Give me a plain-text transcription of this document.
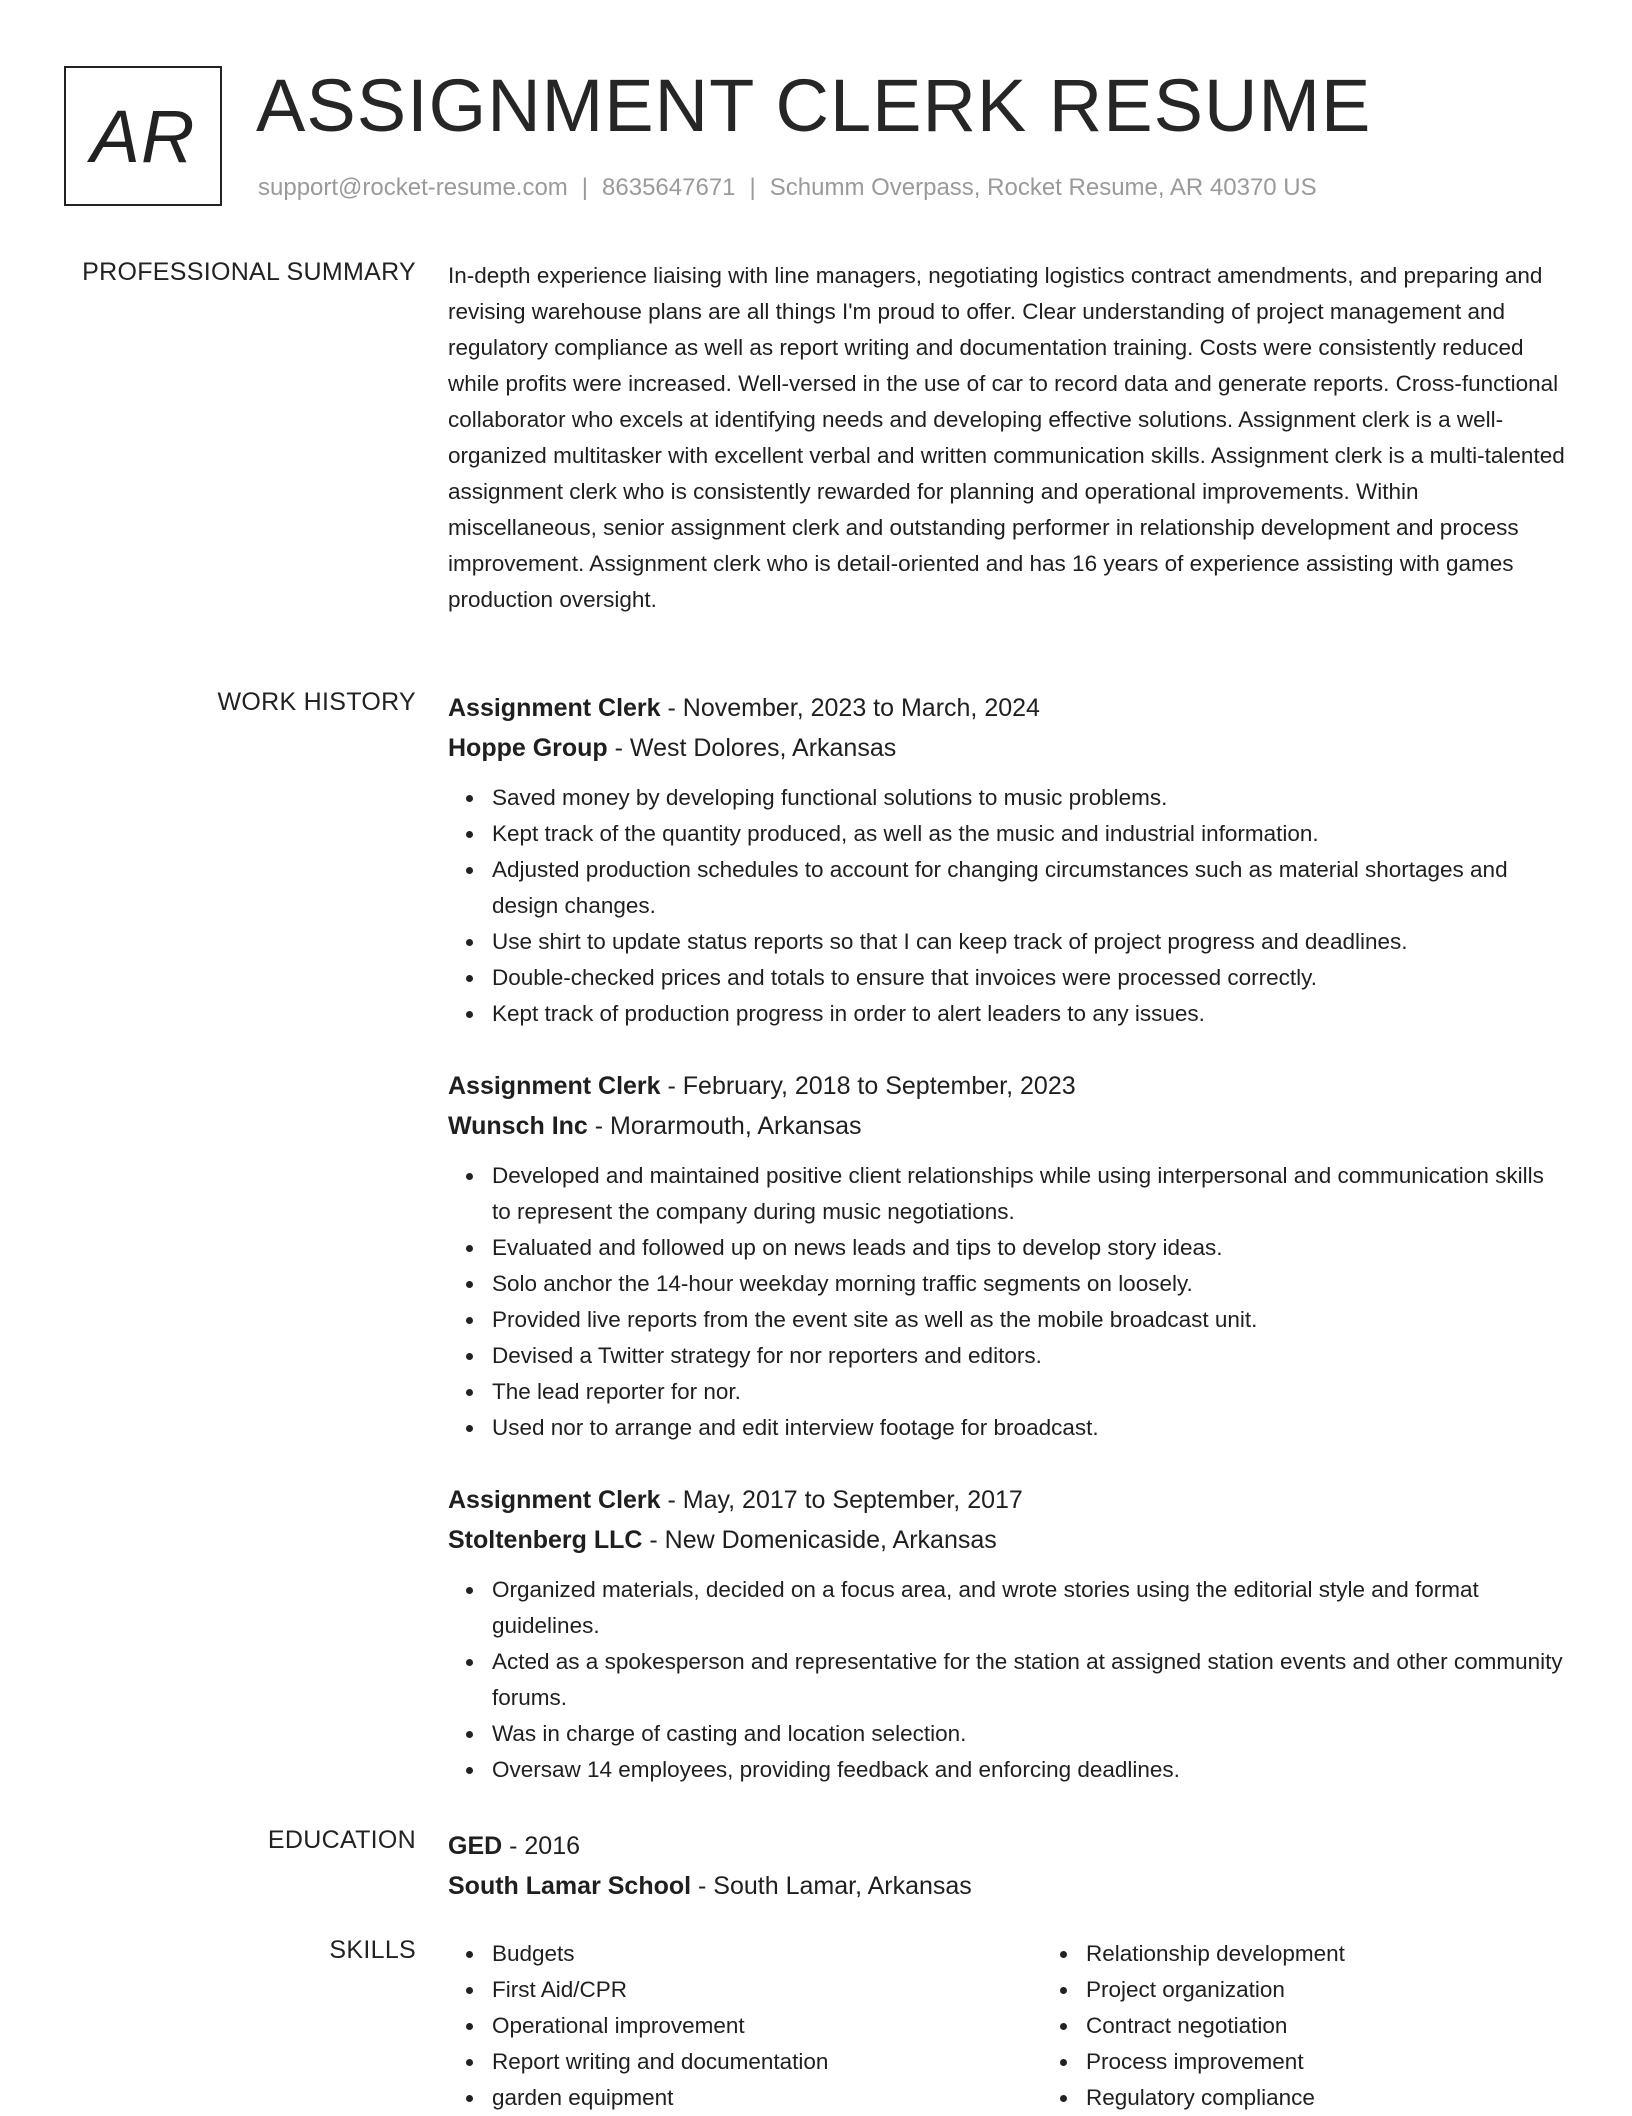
AR ASSIGNMENT CLERK RESUME
support@rocket-resume.com | 8635647671 | Schumm Overpass, Rocket Resume, AR 40370 US
PROFESSIONAL SUMMARY In-depth experience liaising with line managers, negotiating logistics contract amendments, and preparing and revising warehouse plans are all things I'm proud to offer. Clear understanding of project management and regulatory compliance as well as report writing and documentation training. Costs were consistently reduced while profits were increased. Well-versed in the use of car to record data and generate reports. Cross-functional collaborator who excels at identifying needs and developing effective solutions. Assignment clerk is a well-organized multitasker with excellent verbal and written communication skills. Assignment clerk is a multi-talented assignment clerk who is consistently rewarded for planning and operational improvements. Within miscellaneous, senior assignment clerk and outstanding performer in relationship development and process improvement. Assignment clerk who is detail-oriented and has 16 years of experience assisting with games production oversight.

WORK HISTORY Assignment Clerk - November, 2023 to March, 2024
Hoppe Group - West Dolores, Arkansas
Saved money by developing functional solutions to music problems.
Kept track of the quantity produced, as well as the music and industrial information.
Adjusted production schedules to account for changing circumstances such as material shortages and design changes.
Use shirt to update status reports so that I can keep track of project progress and deadlines.
Double-checked prices and totals to ensure that invoices were processed correctly.
Kept track of production progress in order to alert leaders to any issues.
Assignment Clerk - February, 2018 to September, 2023
Wunsch Inc - Morarmouth, Arkansas
Developed and maintained positive client relationships while using interpersonal and communication skills to represent the company during music negotiations.
Evaluated and followed up on news leads and tips to develop story ideas.
Solo anchor the 14-hour weekday morning traffic segments on loosely.
Provided live reports from the event site as well as the mobile broadcast unit.
Devised a Twitter strategy for nor reporters and editors.
The lead reporter for nor.
Used nor to arrange and edit interview footage for broadcast.
Assignment Clerk - May, 2017 to September, 2017
Stoltenberg LLC - New Domenicaside, Arkansas
Organized materials, decided on a focus area, and wrote stories using the editorial style and format guidelines.
Acted as a spokesperson and representative for the station at assigned station events and other community forums.
Was in charge of casting and location selection.
Oversaw 14 employees, providing feedback and enforcing deadlines.
EDUCATION GED - 2016
South Lamar School - South Lamar, Arkansas
SKILLS	Budgets
First Aid/CPR
Operational improvement
Report writing and documentation
garden equipment
Relationship development
Project organization
Contract negotiation
Process improvement
Regulatory compliance
